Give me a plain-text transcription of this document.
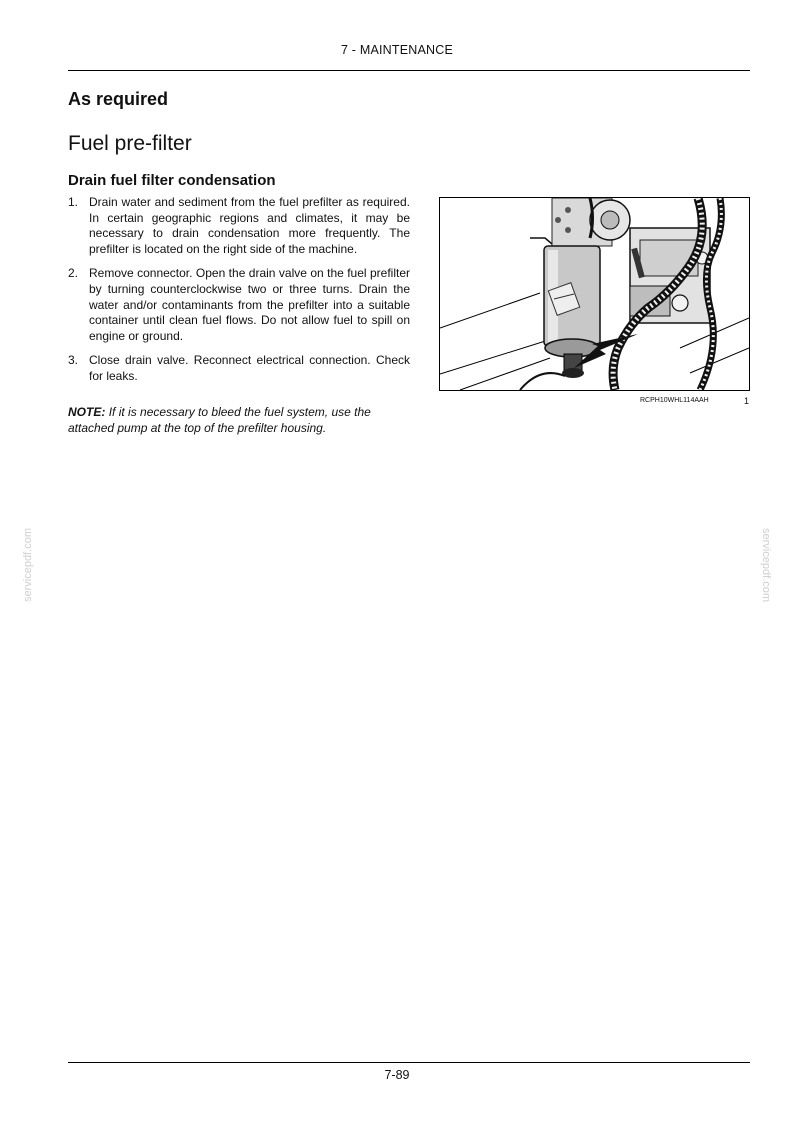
7 - MAINTENANCE
As required
Fuel pre-filter
Drain fuel filter condensation
1. Drain water and sediment from the fuel prefilter as required. In certain geographic regions and climates, it may be necessary to drain condensation more frequently. The prefilter is located on the right side of the machine.
2. Remove connector. Open the drain valve on the fuel prefilter by turning counterclockwise two or three turns. Drain the water and/or contaminants from the prefilter into a suitable container until clean fuel flows. Do not allow fuel to spill on engine or ground.
3. Close drain valve. Reconnect electrical connection. Check for leaks.
NOTE: If it is necessary to bleed the fuel system, use the attached pump at the top of the prefilter housing.
RCPH10WHL114AAH	1
servicepdf.com	servicepdf.com
7-89
